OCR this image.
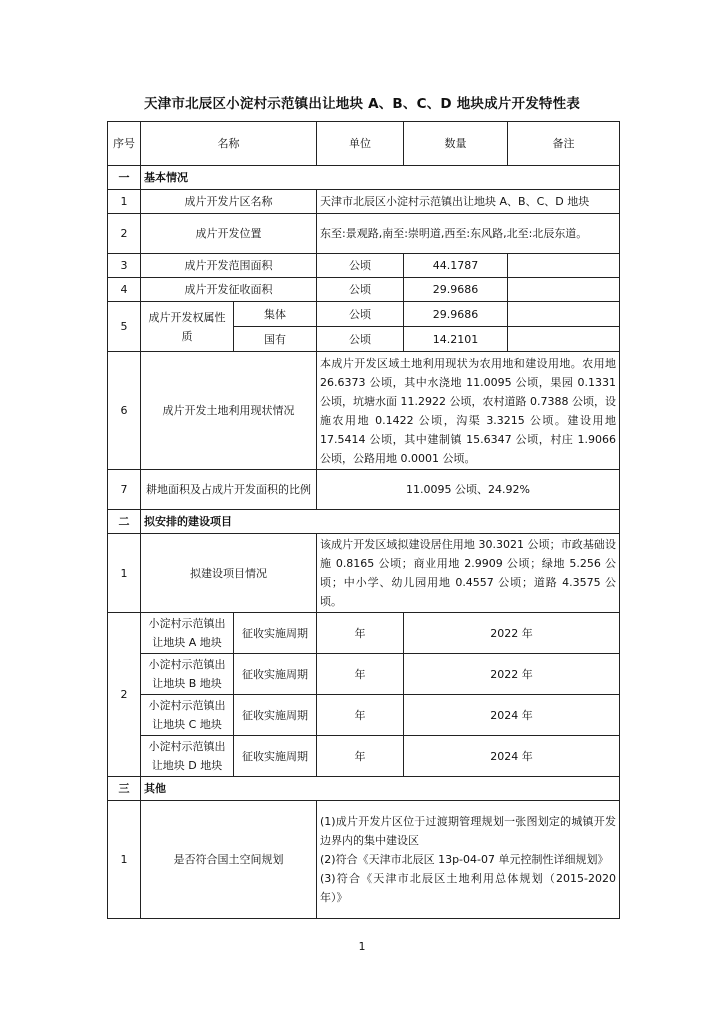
天津市北辰区小淀村示范镇出让地块 A、B、C、D 地块成片开发特性表
序号	名称		单位	数量	备注
一	基本情况				
1	成片开发片区名称		天津市北辰区小淀村示范镇出让地块 A、B、C、D 地块		
2	成片开发位置		东至:景观路,南至:崇明道,西至:东风路,北至:北辰东道。		
3	成片开发范围面积		公顷	44.1787	
4	成片开发征收面积		公顷	29.9686	
5	成片开发权属性质	集体	公顷	29.9686	
		国有	公顷	14.2101	
6	成片开发土地利用现状情况		本成片开发区域土地利用现状为农用地和建设用地。农用地 26.6373 公顷，其中水浇地 11.0095 公顷，果园 0.1331 公顷，坑塘水面 11.2922 公顷，农村道路 0.7388 公顷，设施农用地 0.1422 公顷，沟渠 3.3215 公顷。建设用地 17.5414 公顷，其中建制镇 15.6347 公顷，村庄 1.9066 公顷，公路用地 0.0001 公顷。		
7	耕地面积及占成片开发面积的比例		11.0095 公顷、24.92%		
二	拟安排的建设项目				
1	拟建设项目情况		该成片开发区域拟建设居住用地 30.3021 公顷；市政基础设施 0.8165 公顷；商业用地 2.9909 公顷；绿地 5.256 公顷；中小学、幼儿园用地 0.4557 公顷；道路 4.3575 公顷。		
2	小淀村示范镇出让地块 A 地块	征收实施周期	年	2022 年	
	小淀村示范镇出让地块 B 地块	征收实施周期	年	2022 年	
	小淀村示范镇出让地块 C 地块	征收实施周期	年	2024 年	
	小淀村示范镇出让地块 D 地块	征收实施周期	年	2024 年	
三	其他				
1	是否符合国土空间规划		(1)成片开发片区位于过渡期管理规划一张图划定的城镇开发边界内的集中建设区
(2)符合《天津市北辰区 13p-04-07 单元控制性详细规划》
(3)符合《天津市北辰区土地利用总体规划（2015-2020 年）》		
1
